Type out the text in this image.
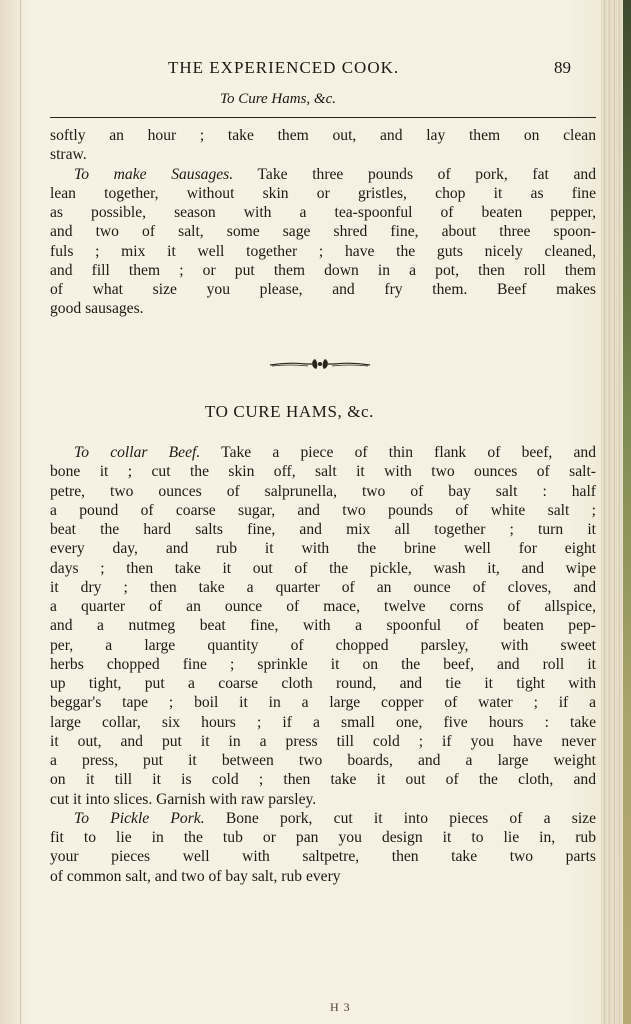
THE EXPERIENCED COOK.	89
To Cure Hams, &c.
softly an hour ; take them out, and lay them on clean
straw.
To make Sausages. Take three pounds of pork, fat and
lean together, without skin or gristles, chop it as fine
as possible, season with a tea-spoonful of beaten pepper,
and two of salt, some sage shred fine, about three spoon-
fuls ; mix it well together ; have the guts nicely cleaned,
and fill them ; or put them down in a pot, then roll them
of what size you please, and fry them. Beef makes
good sausages.
TO CURE HAMS, &c.
To collar Beef. Take a piece of thin flank of beef, and
bone it ; cut the skin off, salt it with two ounces of salt-
petre, two ounces of salprunella, two of bay salt : half
a pound of coarse sugar, and two pounds of white salt ;
beat the hard salts fine, and mix all together ; turn it
every day, and rub it with the brine well for eight
days ; then take it out of the pickle, wash it, and wipe
it dry ; then take a quarter of an ounce of cloves, and
a quarter of an ounce of mace, twelve corns of allspice,
and a nutmeg beat fine, with a spoonful of beaten pep-
per, a large quantity of chopped parsley, with sweet
herbs chopped fine ; sprinkle it on the beef, and roll it
up tight, put a coarse cloth round, and tie it tight with
beggar's tape ; boil it in a large copper of water ; if a
large collar, six hours ; if a small one, five hours : take
it out, and put it in a press till cold ; if you have never
a press, put it between two boards, and a large weight
on it till it is cold ; then take it out of the cloth, and
cut it into slices. Garnish with raw parsley.
To Pickle Pork. Bone pork, cut it into pieces of a size
fit to lie in the tub or pan you design it to lie in, rub
your pieces well with saltpetre, then take two parts
of common salt, and two of bay salt, rub every
H 3
